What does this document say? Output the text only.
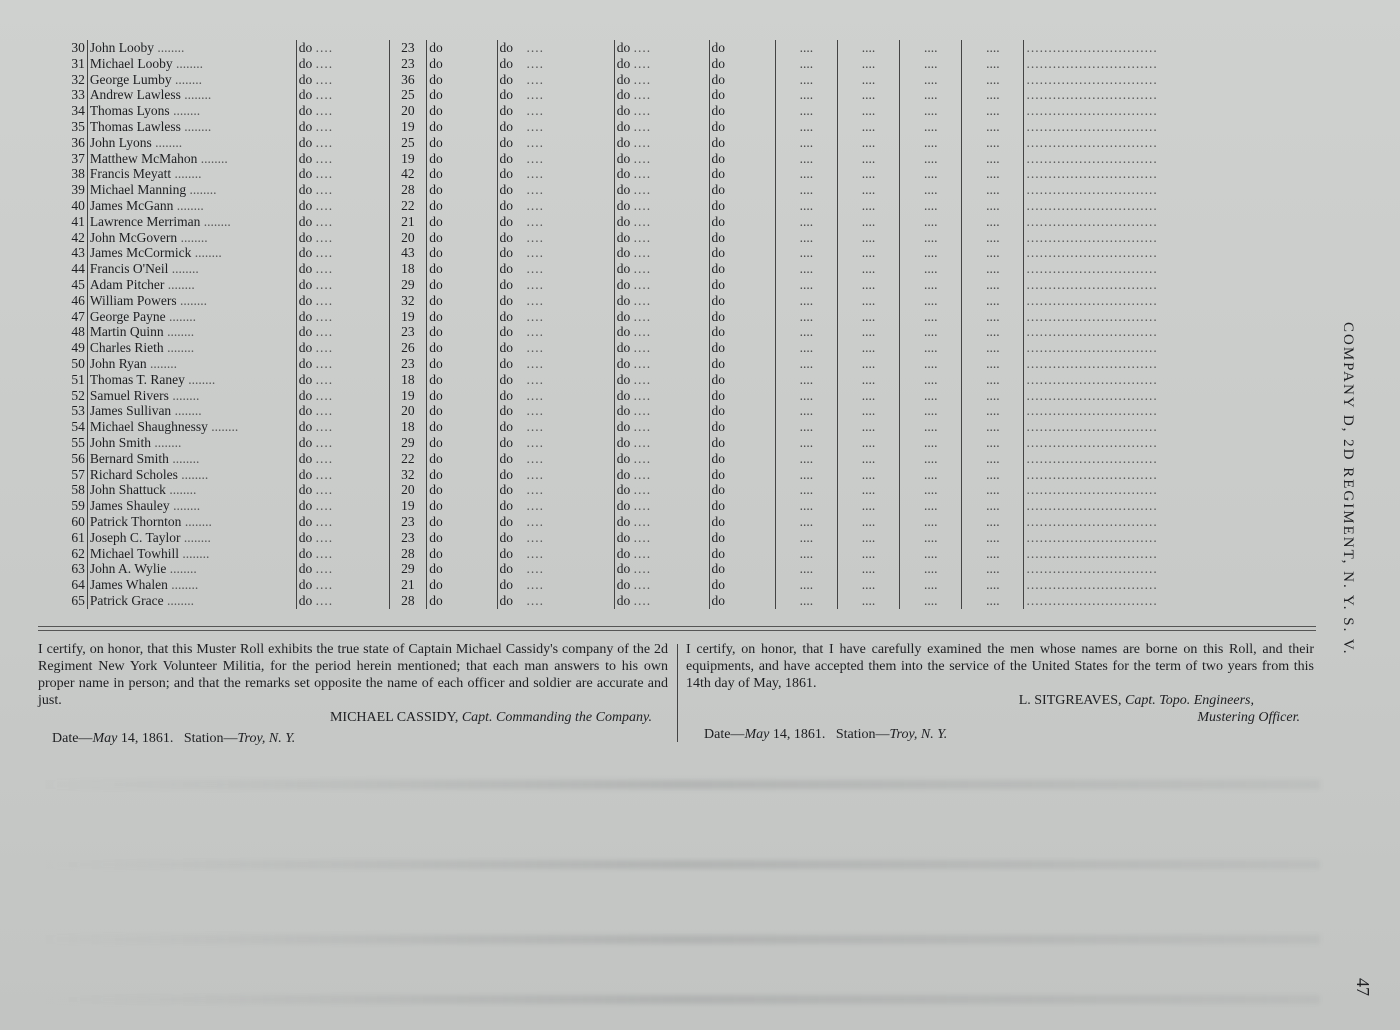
30	John Looby ........	do ....	23	do	do ....	do ....	do	....	....	....	....	..............................
31	Michael Looby ........	do ....	23	do	do ....	do ....	do	....	....	....	....	..............................
32	George Lumby ........	do ....	36	do	do ....	do ....	do	....	....	....	....	..............................
33	Andrew Lawless ........	do ....	25	do	do ....	do ....	do	....	....	....	....	..............................
34	Thomas Lyons ........	do ....	20	do	do ....	do ....	do	....	....	....	....	..............................
35	Thomas Lawless ........	do ....	19	do	do ....	do ....	do	....	....	....	....	..............................
36	John Lyons ........	do ....	25	do	do ....	do ....	do	....	....	....	....	..............................
37	Matthew McMahon ........	do ....	19	do	do ....	do ....	do	....	....	....	....	..............................
38	Francis Meyatt ........	do ....	42	do	do ....	do ....	do	....	....	....	....	..............................
39	Michael Manning ........	do ....	28	do	do ....	do ....	do	....	....	....	....	..............................
40	James McGann ........	do ....	22	do	do ....	do ....	do	....	....	....	....	..............................
41	Lawrence Merriman ........	do ....	21	do	do ....	do ....	do	....	....	....	....	..............................
42	John McGovern ........	do ....	20	do	do ....	do ....	do	....	....	....	....	..............................
43	James McCormick ........	do ....	43	do	do ....	do ....	do	....	....	....	....	..............................
44	Francis O'Neil ........	do ....	18	do	do ....	do ....	do	....	....	....	....	..............................
45	Adam Pitcher ........	do ....	29	do	do ....	do ....	do	....	....	....	....	..............................
46	William Powers ........	do ....	32	do	do ....	do ....	do	....	....	....	....	..............................
47	George Payne ........	do ....	19	do	do ....	do ....	do	....	....	....	....	..............................
48	Martin Quinn ........	do ....	23	do	do ....	do ....	do	....	....	....	....	..............................
49	Charles Rieth ........	do ....	26	do	do ....	do ....	do	....	....	....	....	..............................
50	John Ryan ........	do ....	23	do	do ....	do ....	do	....	....	....	....	..............................
51	Thomas T. Raney ........	do ....	18	do	do ....	do ....	do	....	....	....	....	..............................
52	Samuel Rivers ........	do ....	19	do	do ....	do ....	do	....	....	....	....	..............................
53	James Sullivan ........	do ....	20	do	do ....	do ....	do	....	....	....	....	..............................
54	Michael Shaughnessy ........	do ....	18	do	do ....	do ....	do	....	....	....	....	..............................
55	John Smith ........	do ....	29	do	do ....	do ....	do	....	....	....	....	..............................
56	Bernard Smith ........	do ....	22	do	do ....	do ....	do	....	....	....	....	..............................
57	Richard Scholes ........	do ....	32	do	do ....	do ....	do	....	....	....	....	..............................
58	John Shattuck ........	do ....	20	do	do ....	do ....	do	....	....	....	....	..............................
59	James Shauley ........	do ....	19	do	do ....	do ....	do	....	....	....	....	..............................
60	Patrick Thornton ........	do ....	23	do	do ....	do ....	do	....	....	....	....	..............................
61	Joseph C. Taylor ........	do ....	23	do	do ....	do ....	do	....	....	....	....	..............................
62	Michael Towhill ........	do ....	28	do	do ....	do ....	do	....	....	....	....	..............................
63	John A. Wylie ........	do ....	29	do	do ....	do ....	do	....	....	....	....	..............................
64	James Whalen ........	do ....	21	do	do ....	do ....	do	....	....	....	....	..............................
65	Patrick Grace ........	do ....	28	do	do ....	do ....	do	....	....	....	....	..............................
I certify, on honor, that this Muster Roll exhibits the true state of Captain Michael Cassidy's company of the 2d Regiment New York Volunteer Militia, for the period herein mentioned; that each man answers to his own proper name in person; and that the remarks set opposite the name of each officer and soldier are accurate and just.
MICHAEL CASSIDY, Capt. Commanding the Company.
Date—May 14, 1861. Station—Troy, N. Y.
I certify, on honor, that I have carefully examined the men whose names are borne on this Roll, and their equipments, and have accepted them into the service of the United States for the term of two years from this 14th day of May, 1861.
L. SITGREAVES, Capt. Topo. Engineers,
Mustering Officer.
Date—May 14, 1861. Station—Troy, N. Y.
COMPANY D, 2D REGIMENT, N. Y. S. V.
47
